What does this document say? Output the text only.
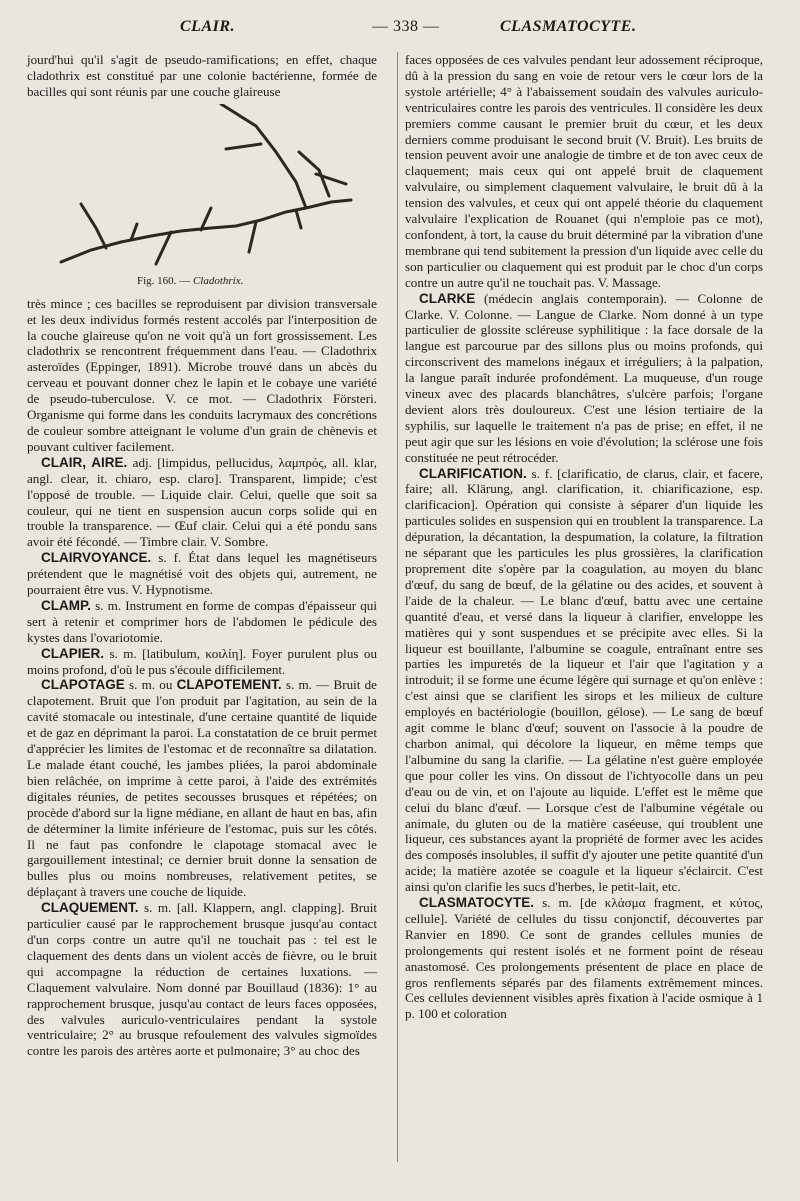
CLAIR.	— 338 —	CLASMATOCYTE.

jourd'hui qu'il s'agit de pseudo-ramifications; en effet, chaque cladothrix est constitué par une colonie bactérienne, formée de bacilles qui sont réunis par une couche glaireuse

Fig. 160. — Cladothrix.

très mince ; ces bacilles se reproduisent par division transversale et les deux individus formés restent accolés par l'interposition de la couche glaireuse qu'on ne voit qu'à un fort grossissement. Les cladothrix se rencontrent fréquemment dans l'eau. — Cladothrix asteroïdes (Eppinger, 1891). Microbe trouvé dans un abcès du cerveau et pouvant donner chez le lapin et le cobaye une variété de pseudo-tuberculose. V. ce mot. — Cladothrix Försteri. Organisme qui forme dans les conduits lacrymaux des concrétions de couleur sombre atteignant le volume d'un grain de chènevis et pouvant cultiver facilement.

CLAIR, AIRE. adj. [limpidus, pellucidus, λαμπρός, all. klar, angl. clear, it. chiaro, esp. claro]. Transparent, limpide; c'est l'opposé de trouble. — Liquide clair. Celui, quelle que soit sa couleur, qui ne tient en suspension aucun corps solide qui en trouble la transparence. — Œuf clair. Celui qui a été pondu sans avoir été fécondé. — Timbre clair. V. Sombre.

CLAIRVOYANCE. s. f. État dans lequel les magnétiseurs prétendent que le magnétisé voit des objets qui, autrement, ne pourraient être vus. V. Hypnotisme.

CLAMP. s. m. Instrument en forme de compas d'épaisseur qui sert à retenir et comprimer hors de l'abdomen le pédicule des kystes dans l'ovariotomie.

CLAPIER. s. m. [latibulum, κοιλίη]. Foyer purulent plus ou moins profond, d'où le pus s'écoule difficilement.

CLAPOTAGE s. m. ou CLAPOTEMENT. s. m. — Bruit de clapotement. Bruit que l'on produit par l'agitation, au sein de la cavité stomacale ou intestinale, d'une certaine quantité de liquide et de gaz en déprimant la paroi. La constatation de ce bruit permet d'apprécier les limites de l'estomac et de reconnaître sa dilatation. Le malade étant couché, les jambes pliées, la paroi abdominale bien relâchée, on imprime à cette paroi, à l'aide des extrémités digitales réunies, de petites secousses brusques et répétées; on procède d'abord sur la ligne médiane, en allant de haut en bas, afin de déterminer la limite inférieure de l'estomac, puis sur les côtés. Il ne faut pas confondre le clapotage stomacal avec le gargouillement intestinal; ce dernier bruit donne la sensation de bulles plus ou moins nombreuses, relativement petites, se déplaçant à travers une couche de liquide.

CLAQUEMENT. s. m. [all. Klappern, angl. clapping]. Bruit particulier causé par le rapprochement brusque jusqu'au contact d'un corps contre un autre qu'il ne touchait pas : tel est le claquement des dents dans un violent accès de fièvre, ou le bruit qui accompagne la réduction de certaines luxations. — Claquement valvulaire. Nom donné par Bouillaud (1836): 1° au rapprochement brusque, jusqu'au contact de leurs faces opposées, des valvules auriculo-ventriculaires pendant la systole ventriculaire; 2° au brusque refoulement des valvules sigmoïdes contre les parois des artères aorte et pulmonaire; 3° au choc des

faces opposées de ces valvules pendant leur adossement réciproque, dû à la pression du sang en voie de retour vers le cœur lors de la systole artérielle; 4° à l'abaissement soudain des valvules auriculo-ventriculaires contre les parois des ventricules. Il considère les deux premiers comme causant le premier bruit du cœur, et les deux derniers comme produisant le second bruit (V. Bruit). Les bruits de tension peuvent avoir une analogie de timbre et de ton avec ceux de claquement; mais ceux qui ont appelé bruit de claquement valvulaire, ou simplement claquement valvulaire, le bruit dû à la tension des valvules, et ceux qui ont appelé théorie du claquement valvulaire l'explication de Rouanet (qui n'emploie pas ce mot), confondent, à tort, la cause du bruit déterminé par la vibration d'une membrane qui tend subitement la pression d'un liquide avec celle du son particulier ou claquement qui est produit par le choc d'un corps contre un autre qu'il ne touchait pas. V. Massage.

CLARKE (médecin anglais contemporain). — Colonne de Clarke. V. Colonne. — Langue de Clarke. Nom donné à un type particulier de glossite scléreuse syphilitique : la face dorsale de la langue est parcourue par des sillons plus ou moins profonds, qui circonscrivent des mamelons inégaux et irréguliers; à la palpation, la langue paraît indurée profondément. La muqueuse, d'un rouge vineux avec des placards blanchâtres, s'ulcère parfois; l'organe devient alors très douloureux. C'est une lésion tertiaire de la syphilis, sur laquelle le traitement n'a pas de prise; en effet, il ne peut agir que sur les lésions en voie d'évolution; la sclérose une fois constituée ne peut rétrocéder.

CLARIFICATION. s. f. [clarificatio, de clarus, clair, et facere, faire; all. Klärung, angl. clarification, it. chiarificazione, esp. clarificacion]. Opération qui consiste à séparer d'un liquide les particules solides en suspension qui en troublent la transparence. La dépuration, la décantation, la despumation, la colature, la filtration ne séparant que les particules les plus grossières, la clarification proprement dite s'opère par la coagulation, au moyen du blanc d'œuf, du sang de bœuf, de la gélatine ou des acides, et souvent à l'aide de la chaleur. — Le blanc d'œuf, battu avec une certaine quantité d'eau, et versé dans la liqueur à clarifier, enveloppe les matières qui y sont suspendues et se précipite avec elles. Si la liqueur est bouillante, l'albumine se coagule, entraînant entre ses parties les impuretés de la liqueur et l'air que l'agitation y a introduit; il se forme une écume légère qui surnage et qu'on enlève : c'est ainsi que se clarifient les sirops et les milieux de culture employés en bactériologie (bouillon, gélose). — Le sang de bœuf agit comme le blanc d'œuf; souvent on l'associe à la poudre de charbon animal, qui décolore la liqueur, en même temps que l'albumine du sang la clarifie. — La gélatine n'est guère employée que pour coller les vins. On dissout de l'ichtyocolle dans un peu d'eau ou de vin, et on l'ajoute au liquide. L'effet est le même que celui du blanc d'œuf. — Lorsque c'est de l'albumine végétale ou animale, du gluten ou de la matière caséeuse, qui troublent une liqueur, ces substances ayant la propriété de former avec les acides des composés insolubles, il suffit d'y ajouter une petite quantité d'un acide; la matière azotée se coagule et la liqueur s'éclaircit. C'est ainsi qu'on clarifie les sucs d'herbes, le petit-lait, etc.

CLASMATOCYTE. s. m. [de κλάσμα fragment, et κύτος, cellule]. Variété de cellules du tissu conjonctif, découvertes par Ranvier en 1890. Ce sont de grandes cellules munies de prolongements qui restent isolés et ne forment point de réseau anastomosé. Ces prolongements présentent de place en place de gros renflements séparés par des filaments extrêmement minces. Ces cellules deviennent visibles après fixation à l'acide osmique à 1 p. 100 et coloration
